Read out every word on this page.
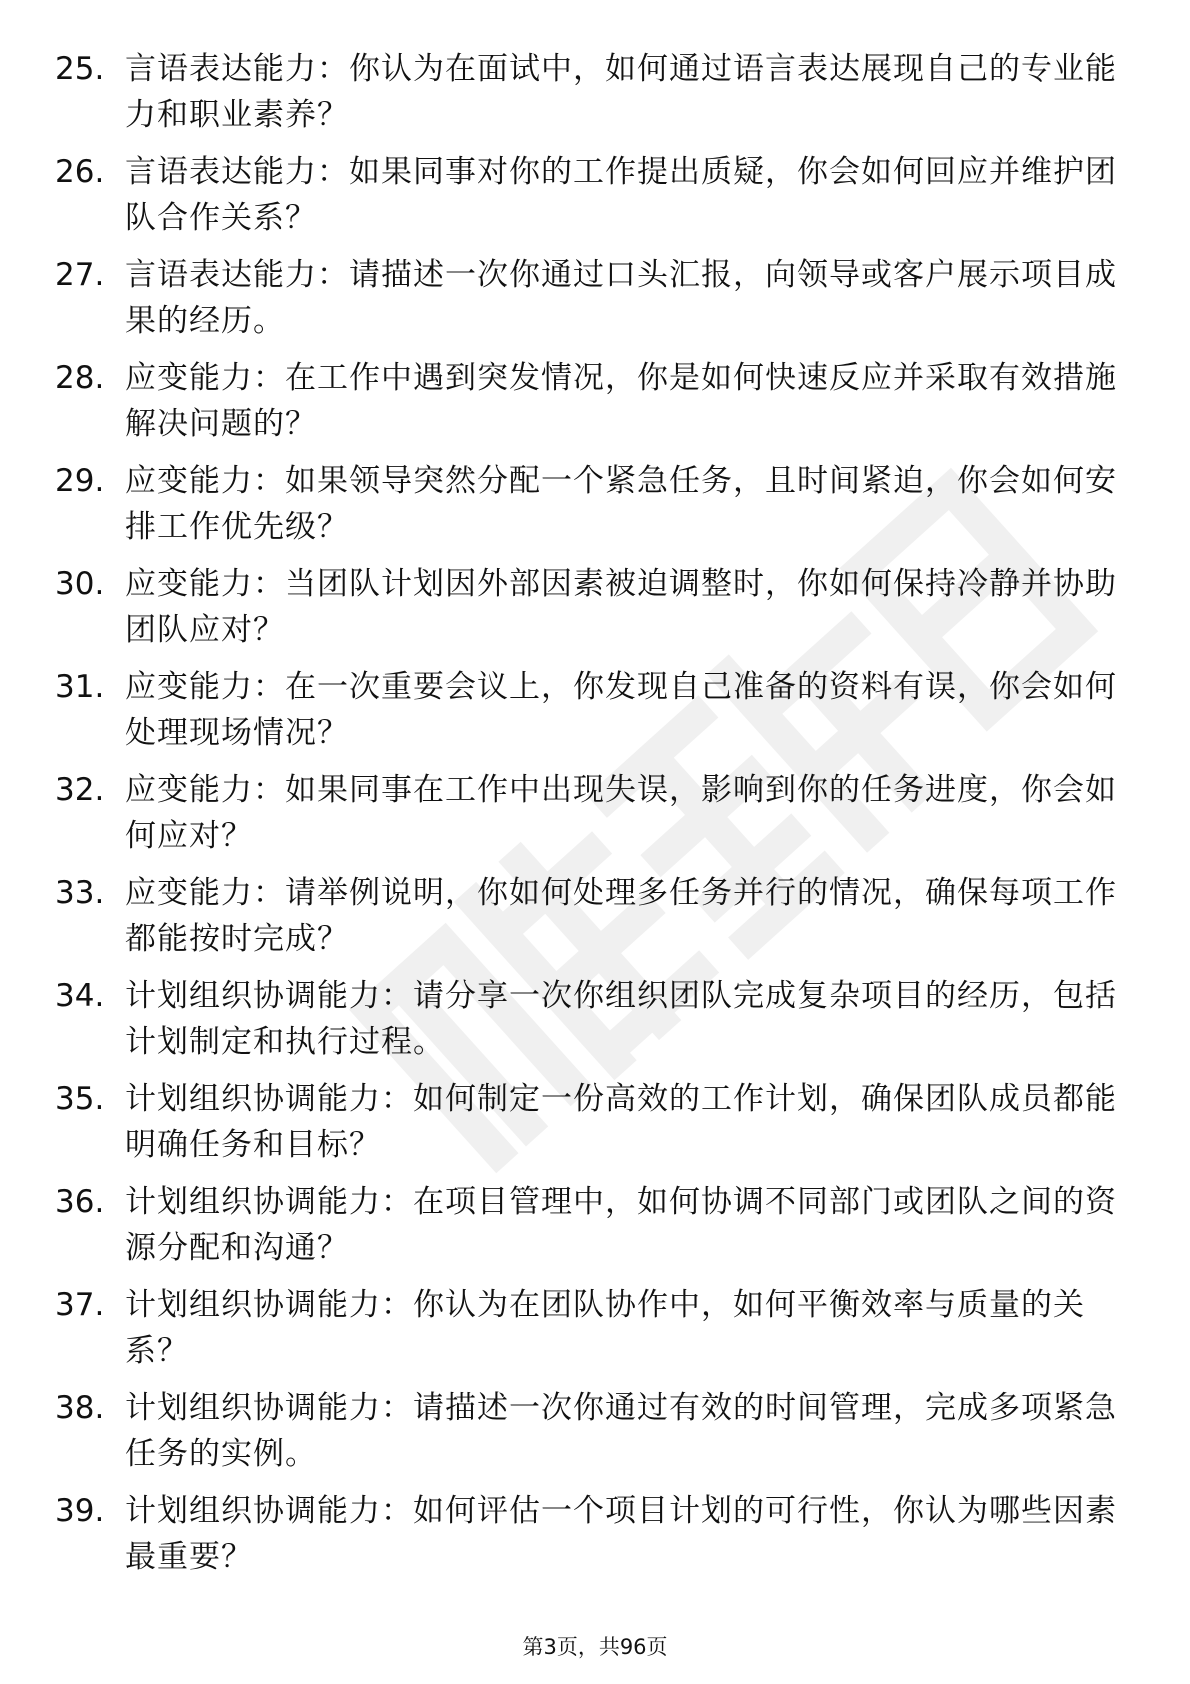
25. 言语表达能力：你认为在面试中，如何通过语言表达展现自己的专业能力和职业素养？
26. 言语表达能力：如果同事对你的工作提出质疑，你会如何回应并维护团队合作关系？
27. 言语表达能力：请描述一次你通过口头汇报，向领导或客户展示项目成果的经历。
28. 应变能力：在工作中遇到突发情况，你是如何快速反应并采取有效措施解决问题的？
29. 应变能力：如果领导突然分配一个紧急任务，且时间紧迫，你会如何安排工作优先级？
30. 应变能力：当团队计划因外部因素被迫调整时，你如何保持冷静并协助团队应对？
31. 应变能力：在一次重要会议上，你发现自己准备的资料有误，你会如何处理现场情况？
32. 应变能力：如果同事在工作中出现失误，影响到你的任务进度，你会如何应对？
33. 应变能力：请举例说明，你如何处理多任务并行的情况，确保每项工作都能按时完成？
34. 计划组织协调能力：请分享一次你组织团队完成复杂项目的经历，包括计划制定和执行过程。
35. 计划组织协调能力：如何制定一份高效的工作计划，确保团队成员都能明确任务和目标？
36. 计划组织协调能力：在项目管理中，如何协调不同部门或团队之间的资源分配和沟通？
37. 计划组织协调能力：你认为在团队协作中，如何平衡效率与质量的关系？
38. 计划组织协调能力：请描述一次你通过有效的时间管理，完成多项紧急任务的实例。
39. 计划组织协调能力：如何评估一个项目计划的可行性，你认为哪些因素最重要？
第3页，共96页
